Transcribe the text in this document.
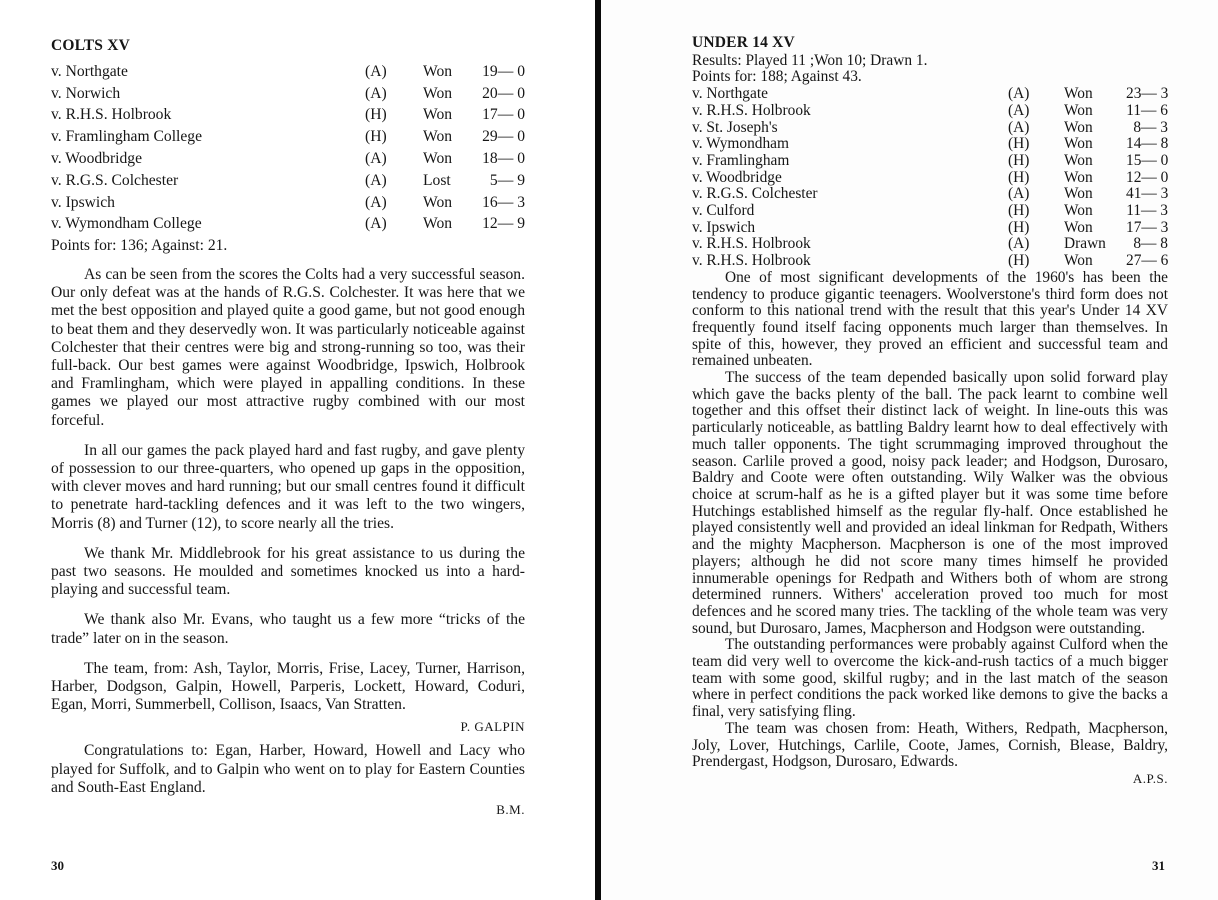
COLTS XV
v. Northgate	(A)	Won	19— 0
v. Norwich	(A)	Won	20— 0
v. R.H.S. Holbrook	(H)	Won	17— 0
v. Framlingham College	(H)	Won	29— 0
v. Woodbridge	(A)	Won	18— 0
v. R.G.S. Colchester	(A)	Lost	5— 9
v. Ipswich	(A)	Won	16— 3
v. Wymondham College	(A)	Won	12— 9
Points for: 136; Against: 21.

As can be seen from the scores the Colts had a very successful season. Our only defeat was at the hands of R.G.S. Colchester. It was here that we met the best opposition and played quite a good game, but not good enough to beat them and they deservedly won. It was particularly noticeable against Colchester that their centres were big and strong-running so too, was their full-back. Our best games were against Woodbridge, Ipswich, Holbrook and Framlingham, which were played in appalling conditions. In these games we played our most attractive rugby combined with our most forceful.

In all our games the pack played hard and fast rugby, and gave plenty of possession to our three-quarters, who opened up gaps in the opposition, with clever moves and hard running; but our small centres found it difficult to penetrate hard-tackling defences and it was left to the two wingers, Morris (8) and Turner (12), to score nearly all the tries.

We thank Mr. Middlebrook for his great assistance to us during the past two seasons. He moulded and sometimes knocked us into a hard-playing and successful team.

We thank also Mr. Evans, who taught us a few more “tricks of the trade” later on in the season.

The team, from: Ash, Taylor, Morris, Frise, Lacey, Turner, Harrison, Harber, Dodgson, Galpin, Howell, Parperis, Lockett, Howard, Coduri, Egan, Morri, Summerbell, Collison, Isaacs, Van Stratten.

P. GALPIN

Congratulations to: Egan, Harber, Howard, Howell and Lacy who played for Suffolk, and to Galpin who went on to play for Eastern Counties and South-East England.

B.M.
30
UNDER 14 XV
Results: Played 11 ;Won 10; Drawn 1.
Points for: 188; Against 43.
v. Northgate	(A)	Won	23— 3
v. R.H.S. Holbrook	(A)	Won	11— 6
v. St. Joseph's	(A)	Won	8— 3
v. Wymondham	(H)	Won	14— 8
v. Framlingham	(H)	Won	15— 0
v. Woodbridge	(H)	Won	12— 0
v. R.G.S. Colchester	(A)	Won	41— 3
v. Culford	(H)	Won	11— 3
v. Ipswich	(H)	Won	17— 3
v. R.H.S. Holbrook	(A)	Drawn	8— 8
v. R.H.S. Holbrook	(H)	Won	27— 6

One of most significant developments of the 1960's has been the tendency to produce gigantic teenagers. Woolverstone's third form does not conform to this national trend with the result that this year's Under 14 XV frequently found itself facing opponents much larger than themselves. In spite of this, however, they proved an efficient and successful team and remained unbeaten.

The success of the team depended basically upon solid forward play which gave the backs plenty of the ball. The pack learnt to combine well together and this offset their distinct lack of weight. In line-outs this was particularly noticeable, as battling Baldry learnt how to deal effectively with much taller opponents. The tight scrummaging improved throughout the season. Carlile proved a good, noisy pack leader; and Hodgson, Durosaro, Baldry and Coote were often outstanding. Wily Walker was the obvious choice at scrum-half as he is a gifted player but it was some time before Hutchings established himself as the regular fly-half. Once established he played consistently well and provided an ideal linkman for Redpath, Withers and the mighty Macpherson. Macpherson is one of the most improved players; although he did not score many times himself he provided innumerable openings for Redpath and Withers both of whom are strong determined runners. Withers' acceleration proved too much for most defences and he scored many tries. The tackling of the whole team was very sound, but Durosaro, James, Macpherson and Hodgson were outstanding.

The outstanding performances were probably against Culford when the team did very well to overcome the kick-and-rush tactics of a much bigger team with some good, skilful rugby; and in the last match of the season where in perfect conditions the pack worked like demons to give the backs a final, very satisfying fling.

The team was chosen from: Heath, Withers, Redpath, Macpherson, Joly, Lover, Hutchings, Carlile, Coote, James, Cornish, Blease, Baldry, Prendergast, Hodgson, Durosaro, Edwards.

A.P.S.
31
